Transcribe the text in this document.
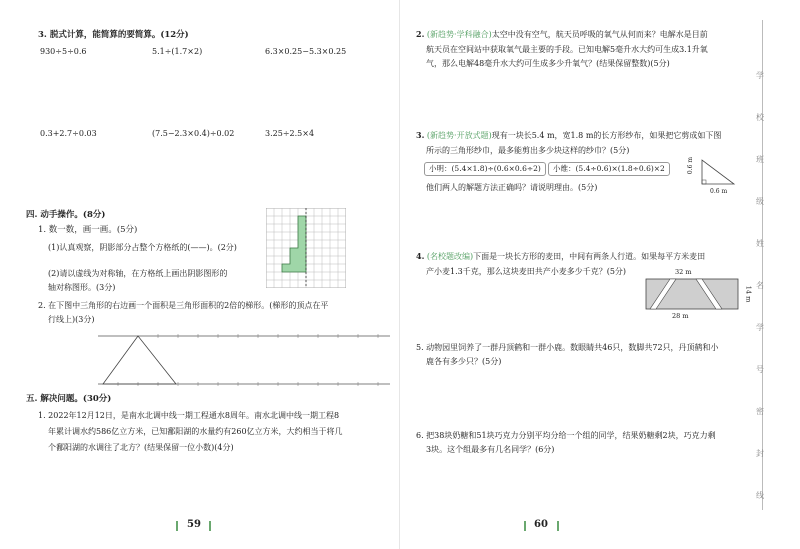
3. 脱式计算，能简算的要简算。(12分)
930÷5÷0.6	5.1÷(1.7×2)	6.3×0.25−5.3×0.25
0.3+2.7÷0.03	(7.5−2.3×0.4)÷0.02	3.25÷2.5×4
四. 动手操作。(8分)
1. 数一数，画一画。(5分)
(1)认真观察，阴影部分占整个方格纸的(——)。(2分)
(2)请以虚线为对称轴，在方格纸上画出阴影图形的
轴对称图形。(3分)
2. 在下图中三角形的右边画一个面积是三角形面积的2倍的梯形。(梯形的顶点在平
行线上)(3分)
五. 解决问题。(30分)
1. 2022年12月12日，是南水北调中线一期工程通水8周年。南水北调中线一期工程8
年累计调水约586亿立方米，已知鄱阳湖的水量约有260亿立方米，大约相当于将几
个鄱阳湖的水调往了北方？(结果保留一位小数)(4分)
59
2. (新趋势·学科融合)太空中没有空气，航天员呼吸的氧气从何而来？电解水是目前
航天员在空间站中获取氧气最主要的手段。已知电解5毫升水大约可生成3.1升氧
气，那么电解48毫升水大约可生成多少升氧气？(结果保留整数)(5分)
3. (新趋势·开放式题)现有一块长5.4 m，宽1.8 m的长方形纱布，如果把它剪成如下图
所示的三角形纱巾，最多能剪出多少块这样的纱巾？(5分)
小明：(5.4×1.8)÷(0.6×0.6÷2)	小维：(5.4÷0.6)×(1.8÷0.6)×2
他们两人的解题方法正确吗？请说明理由。(5分)
0.6 m
0.6 m
4. (名校题改编)下面是一块长方形的麦田，中间有两条人行道。如果每平方米麦田
产小麦1.3千克，那么这块麦田共产小麦多少千克？(5分)	32 m
28 m
14 m
5. 动物园里饲养了一群丹顶鹤和一群小鹿。数眼睛共46只，数脚共72只，丹顶鹤和小
鹿各有多少只？(5分)
6. 把38块奶糖和51块巧克力分别平均分给一个组的同学，结果奶糖剩2块，巧克力剩
3块。这个组最多有几名同学？(6分)
60
学
校
班
级
姓
名
学
号
密
封
线
